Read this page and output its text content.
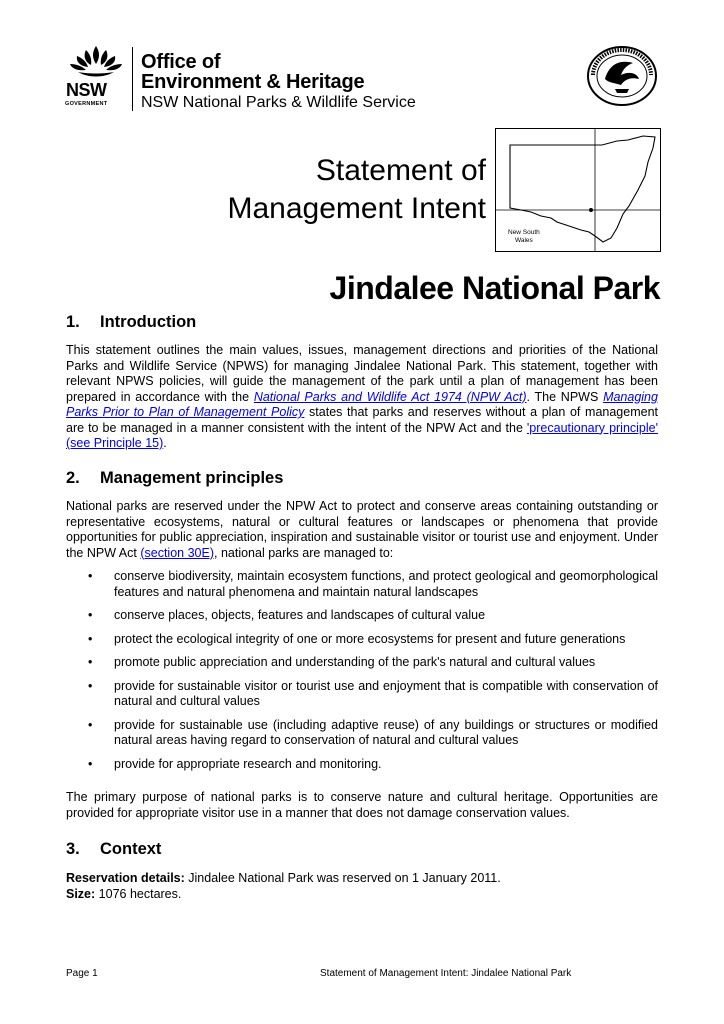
NSW
GOVERNMENT
Office of
Environment & Heritage
NSW National Parks & Wildlife Service
Statement of
Management Intent
New South
Wales
Jindalee National Park
1. Introduction
This statement outlines the main values, issues, management directions and priorities of the National Parks and Wildlife Service (NPWS) for managing Jindalee National Park. This statement, together with relevant NPWS policies, will guide the management of the park until a plan of management has been prepared in accordance with the National Parks and Wildlife Act 1974 (NPW Act). The NPWS Managing Parks Prior to Plan of Management Policy states that parks and reserves without a plan of management are to be managed in a manner consistent with the intent of the NPW Act and the 'precautionary principle' (see Principle 15).
2. Management principles
National parks are reserved under the NPW Act to protect and conserve areas containing outstanding or representative ecosystems, natural or cultural features or landscapes or phenomena that provide opportunities for public appreciation, inspiration and sustainable visitor or tourist use and enjoyment. Under the NPW Act (section 30E), national parks are managed to:
• conserve biodiversity, maintain ecosystem functions, and protect geological and geomorphological features and natural phenomena and maintain natural landscapes
• conserve places, objects, features and landscapes of cultural value
• protect the ecological integrity of one or more ecosystems for present and future generations
• promote public appreciation and understanding of the park's natural and cultural values
• provide for sustainable visitor or tourist use and enjoyment that is compatible with conservation of natural and cultural values
• provide for sustainable use (including adaptive reuse) of any buildings or structures or modified natural areas having regard to conservation of natural and cultural values
• provide for appropriate research and monitoring.
The primary purpose of national parks is to conserve nature and cultural heritage. Opportunities are provided for appropriate visitor use in a manner that does not damage conservation values.
3. Context
Reservation details: Jindalee National Park was reserved on 1 January 2011.
Size: 1076 hectares.
Page 1	Statement of Management Intent: Jindalee National Park
